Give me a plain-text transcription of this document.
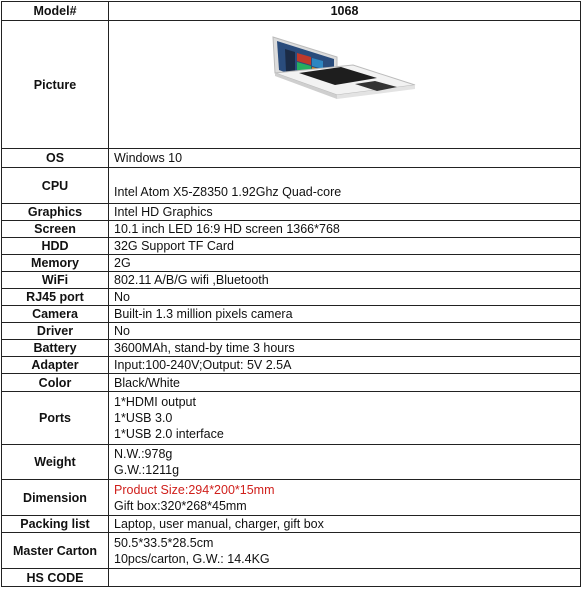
Model#	1068
Picture	

OS	Windows 10

CPU	Intel Atom X5-Z8350 1.92Ghz Quad-core

Graphics	Intel HD Graphics

Screen	10.1 inch LED 16:9 HD screen 1366*768

HDD	32G Support TF Card

Memory	2G

WiFi	802.11 A/B/G wifi ,Bluetooth

RJ45 port	No

Camera	Built-in 1.3 million pixels camera

Driver	No

Battery	3600MAh, stand-by time 3 hours

Adapter	Input:100-240V;Output: 5V 2.5A

Color	Black/White

Ports	1*HDMI output
1*USB 3.0
1*USB 2.0 interface

Weight	N.W.:978g
G.W.:1211g

Dimension	Product Size:294*200*15mm
Gift box:320*268*45mm

Packing list	Laptop, user manual, charger, gift box

Master Carton	50.5*33.5*28.5cm
10pcs/carton, G.W.: 14.4KG

HS CODE	
